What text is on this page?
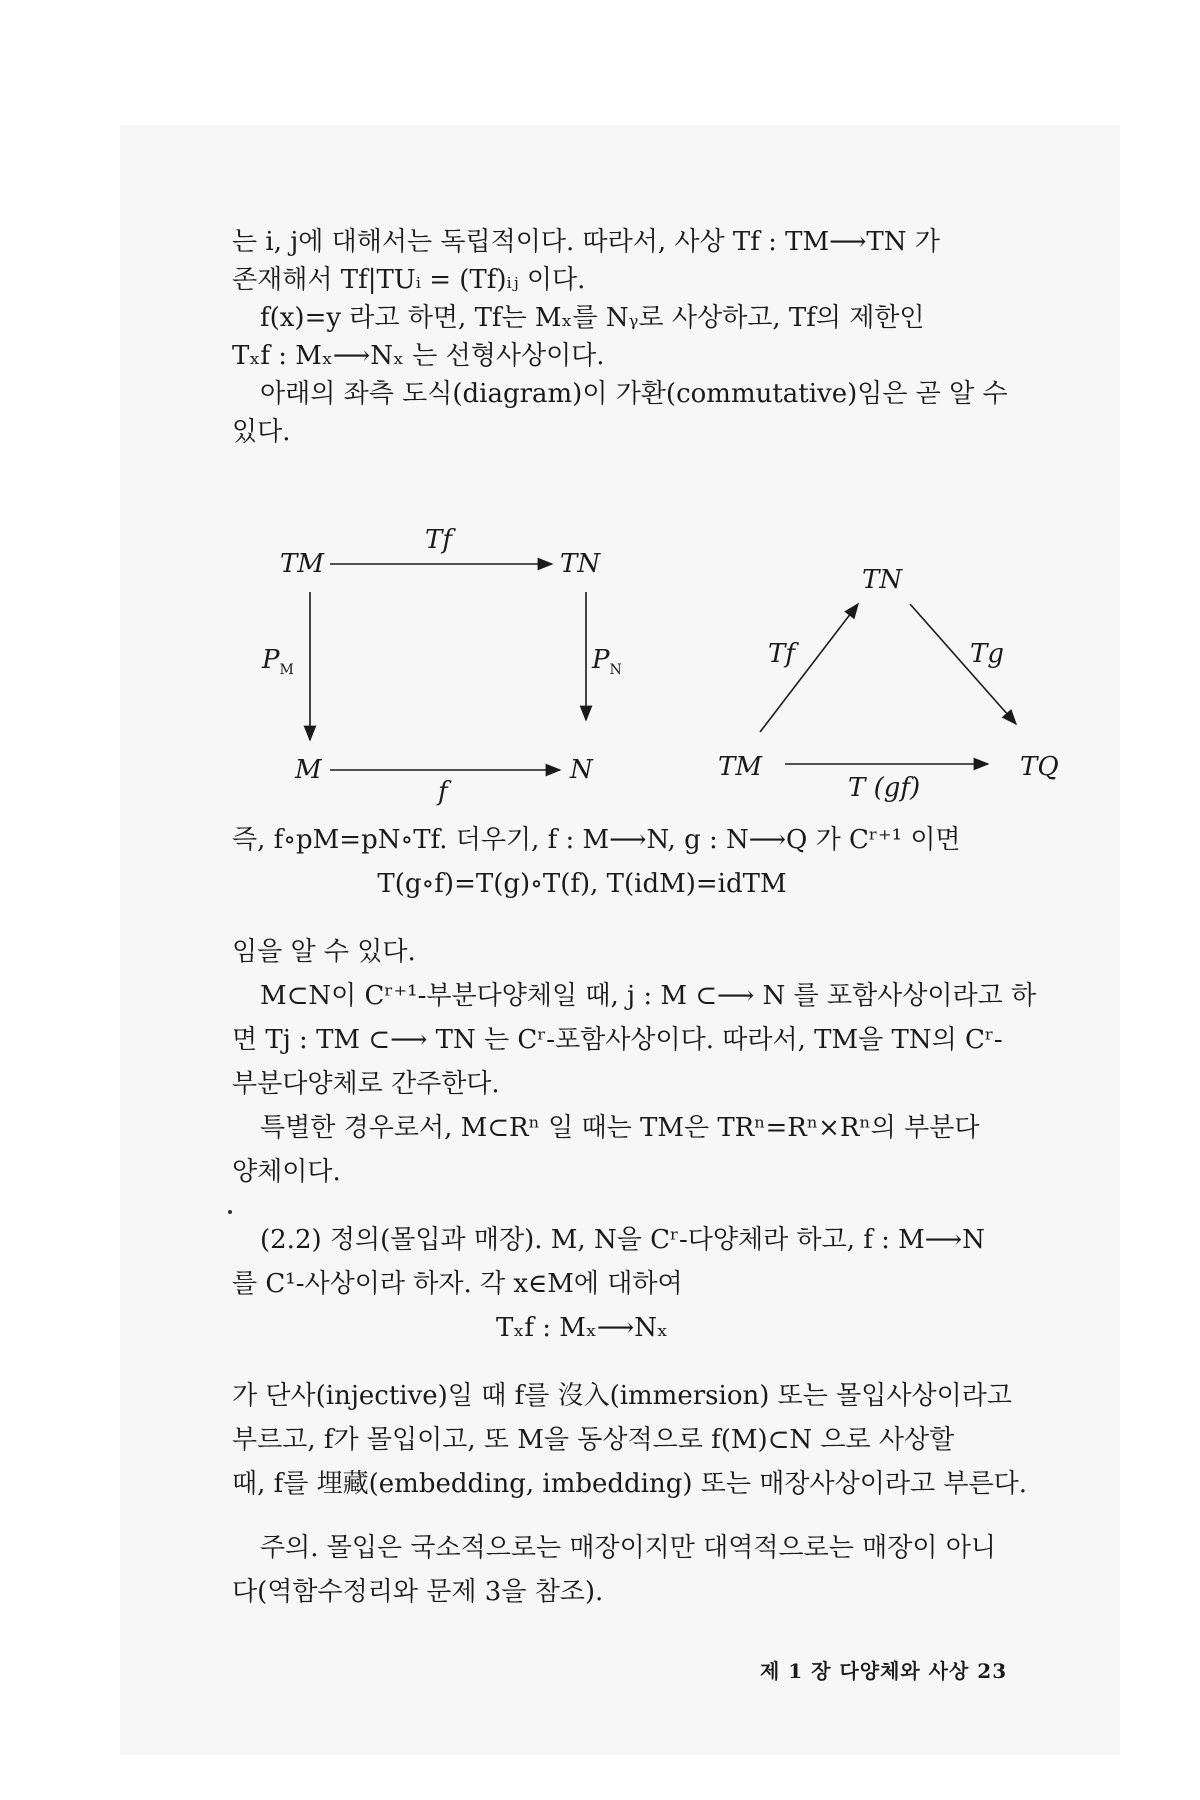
는 i, j에 대해서는 독립적이다. 따라서, 사상 Tf : TM⟶TN 가
존재해서 Tf|TUᵢ = (Tf)ᵢⱼ 이다.
f(x)=y 라고 하면, Tf는 Mₓ를 Nᵧ로 사상하고, Tf의 제한인
Tₓf : Mₓ⟶Nₓ 는 선형사상이다.
아래의 좌측 도식(diagram)이 가환(commutative)임은 곧 알 수
있다.
TM	TN
M	N
Tf
f
$P_M$	$P_N$
TN
TM	TQ
Tf	Tg
T (gf)
즉, f∘pM=pN∘Tf. 더우기, f : M⟶N, g : N⟶Q 가 Cʳ⁺¹ 이면
T(g∘f)=T(g)∘T(f), T(idM)=idTM
임을 알 수 있다.
M⊂N이 Cʳ⁺¹-부분다양체일 때, j : M ⊂⟶ N 를 포함사상이라고 하
면 Tj : TM ⊂⟶ TN 는 Cʳ-포함사상이다. 따라서, TM을 TN의 Cʳ-
부분다양체로 간주한다.
특별한 경우로서, M⊂Rⁿ 일 때는 TM은 TRⁿ=Rⁿ×Rⁿ의 부분다
양체이다.
(2.2) 정의(몰입과 매장). M, N을 Cʳ-다양체라 하고, f : M⟶N
를 C¹-사상이라 하자. 각 x∈M에 대하여
Tₓf : Mₓ⟶Nₓ
가 단사(injective)일 때 f를 沒入(immersion) 또는 몰입사상이라고
부르고, f가 몰입이고, 또 M을 동상적으로 f(M)⊂N 으로 사상할
때, f를 埋藏(embedding, imbedding) 또는 매장사상이라고 부른다.
주의. 몰입은 국소적으로는 매장이지만 대역적으로는 매장이 아니
다(역함수정리와 문제 3을 참조).
제 1 장 다양체와 사상 23
